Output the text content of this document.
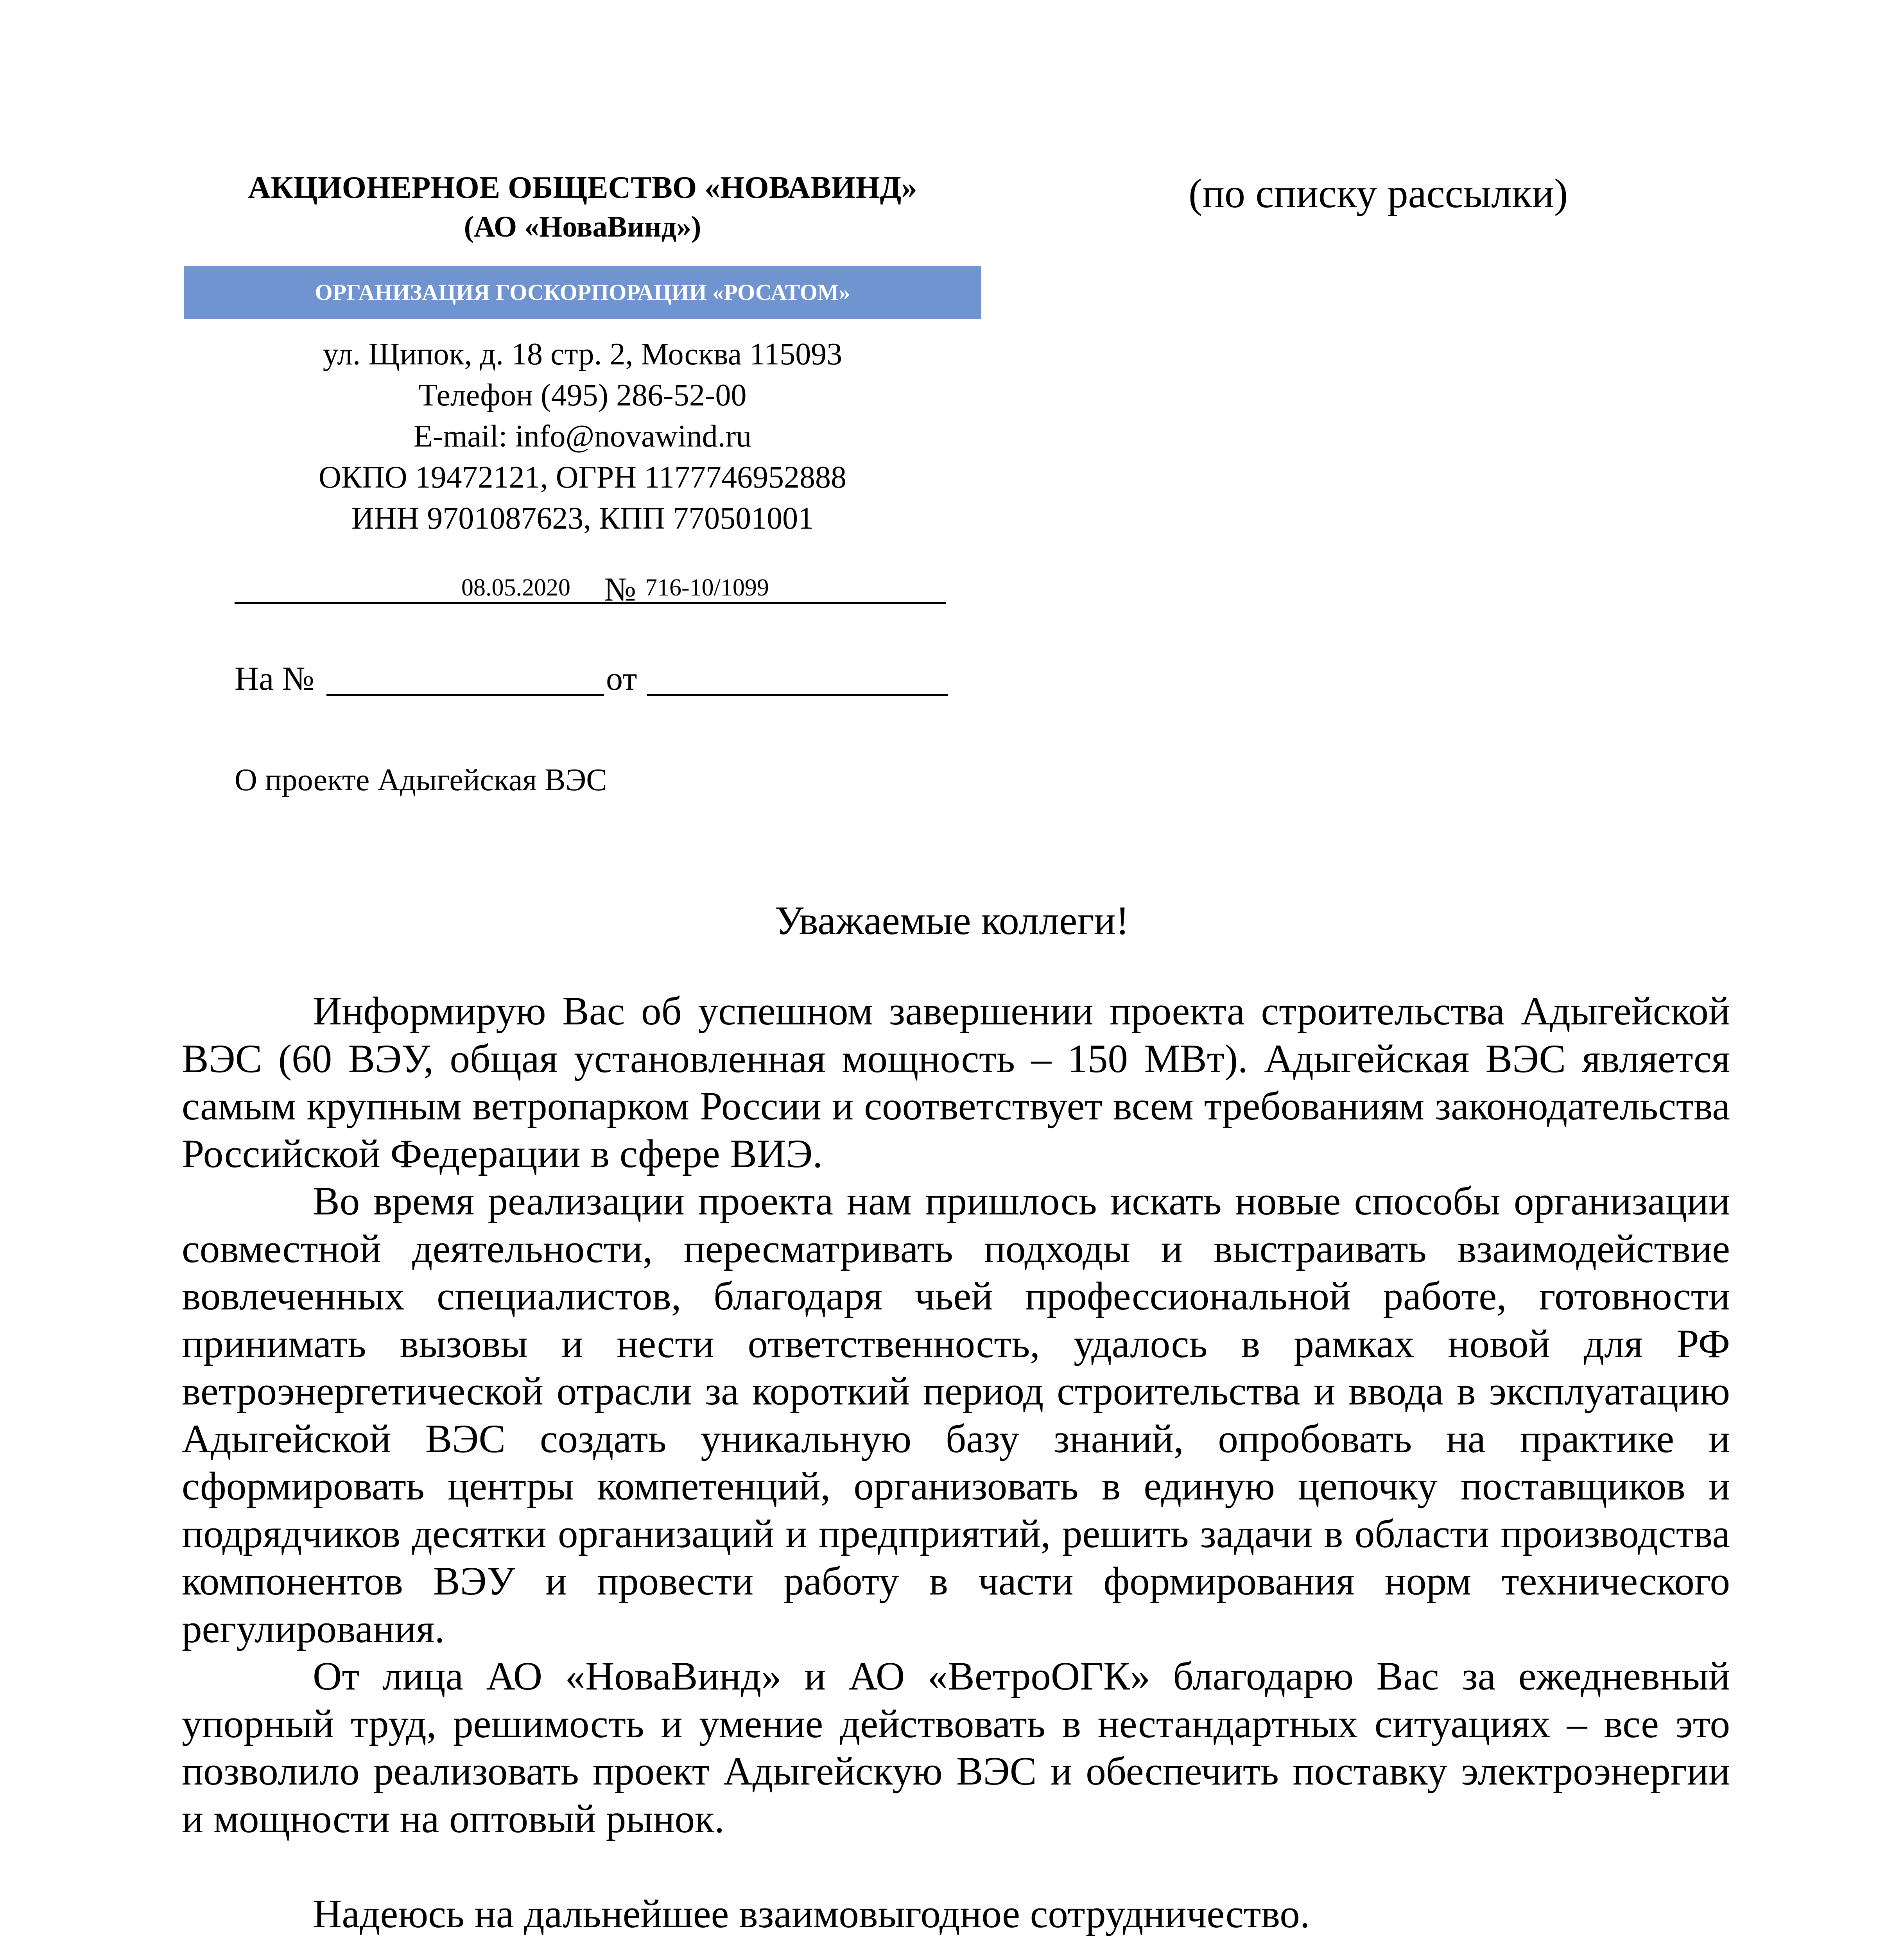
АКЦИОНЕРНОЕ ОБЩЕСТВО «НОВАВИНД»
(АО «НоваВинд»)
ОРГАНИЗАЦИЯ ГОСКОРПОРАЦИИ «РОСАТОМ»
ул. Щипок, д. 18 стр. 2, Москва 115093
Телефон (495) 286-52-00
E-mail: info@novawind.ru
ОКПО 19472121, ОГРН 1177746952888
ИНН 9701087623, КПП 770501001
(по списку рассылки)
08.05.2020 № 716-10/1099
На №	от
О проекте Адыгейская ВЭС
Уважаемые коллеги!

Информирую Вас об успешном завершении проекта строительства Адыгейской ВЭС (60 ВЭУ, общая установленная мощность – 150 МВт). Адыгейская ВЭС является самым крупным ветропарком России и соответствует всем требованиям законодательства Российской Федерации в сфере ВИЭ.

Во время реализации проекта нам пришлось искать новые способы организации совместной деятельности, пересматривать подходы и выстраивать взаимодействие вовлеченных специалистов, благодаря чьей профессиональной работе, готовности принимать вызовы и нести ответственность, удалось в рамках новой для РФ ветроэнергетической отрасли за короткий период строительства и ввода в эксплуатацию Адыгейской ВЭС создать уникальную базу знаний, опробовать на практике и сформировать центры компетенций, организовать в единую цепочку поставщиков и подрядчиков десятки организаций и предприятий, решить задачи в области производства компонентов ВЭУ и провести работу в части формирования норм технического регулирования.

От лица АО «НоваВинд» и АО «ВетроОГК» благодарю Вас за ежедневный упорный труд, решимость и умение действовать в нестандартных ситуациях – все это позволило реализовать проект Адыгейскую ВЭС и обеспечить поставку электроэнергии и мощности на оптовый рынок.

Надеюсь на дальнейшее взаимовыгодное сотрудничество.
